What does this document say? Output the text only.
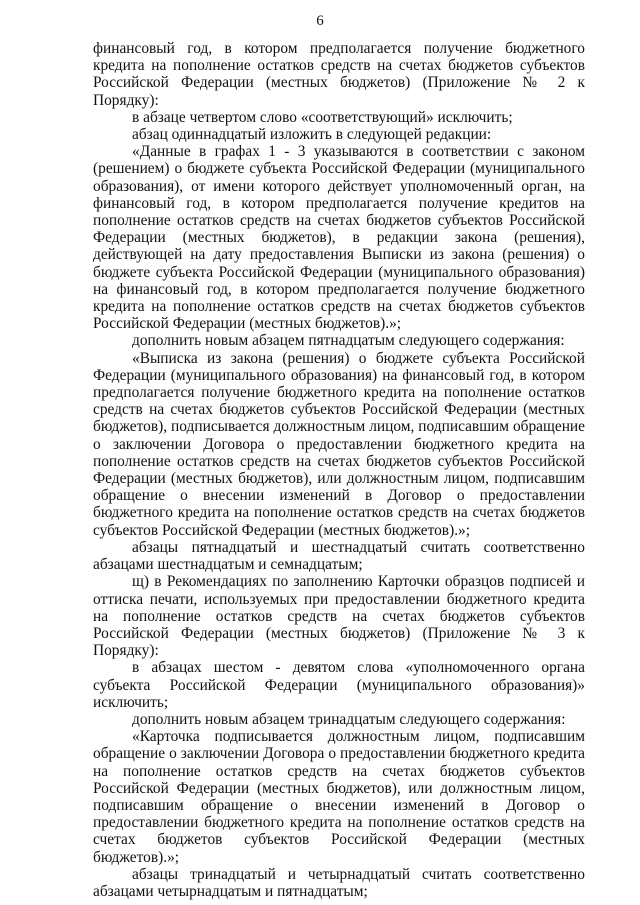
6

финансовый год, в котором предполагается получение бюджетного кредита на пополнение остатков средств на счетах бюджетов субъектов Российской Федерации (местных бюджетов) (Приложение № 2 к Порядку):

в абзаце четвертом слово «соответствующий» исключить;

абзац одиннадцатый изложить в следующей редакции:

«Данные в графах 1 - 3 указываются в соответствии с законом (решением) о бюджете субъекта Российской Федерации (муниципального образования), от имени которого действует уполномоченный орган, на финансовый год, в котором предполагается получение кредитов на пополнение остатков средств на счетах бюджетов субъектов Российской Федерации (местных бюджетов), в редакции закона (решения), действующей на дату предоставления Выписки из закона (решения) о бюджете субъекта Российской Федерации (муниципального образования) на финансовый год, в котором предполагается получение бюджетного кредита на пополнение остатков средств на счетах бюджетов субъектов Российской Федерации (местных бюджетов).»;

дополнить новым абзацем пятнадцатым следующего содержания:

«Выписка из закона (решения) о бюджете субъекта Российской Федерации (муниципального образования) на финансовый год, в котором предполагается получение бюджетного кредита на пополнение остатков средств на счетах бюджетов субъектов Российской Федерации (местных бюджетов), подписывается должностным лицом, подписавшим обращение о заключении Договора о предоставлении бюджетного кредита на пополнение остатков средств на счетах бюджетов субъектов Российской Федерации (местных бюджетов), или должностным лицом, подписавшим обращение о внесении изменений в Договор о предоставлении бюджетного кредита на пополнение остатков средств на счетах бюджетов субъектов Российской Федерации (местных бюджетов).»;

абзацы пятнадцатый и шестнадцатый считать соответственно абзацами шестнадцатым и семнадцатым;

щ) в Рекомендациях по заполнению Карточки образцов подписей и оттиска печати, используемых при предоставлении бюджетного кредита на пополнение остатков средств на счетах бюджетов субъектов Российской Федерации (местных бюджетов) (Приложение № 3 к Порядку):

в абзацах шестом - девятом слова «уполномоченного органа субъекта Российской Федерации (муниципального образования)» исключить;

дополнить новым абзацем тринадцатым следующего содержания:

«Карточка подписывается должностным лицом, подписавшим обращение о заключении Договора о предоставлении бюджетного кредита на пополнение остатков средств на счетах бюджетов субъектов Российской Федерации (местных бюджетов), или должностным лицом, подписавшим обращение о внесении изменений в Договор о предоставлении бюджетного кредита на пополнение остатков средств на счетах бюджетов субъектов Российской Федерации (местных бюджетов).»;

абзацы тринадцатый и четырнадцатый считать соответственно абзацами четырнадцатым и пятнадцатым;
